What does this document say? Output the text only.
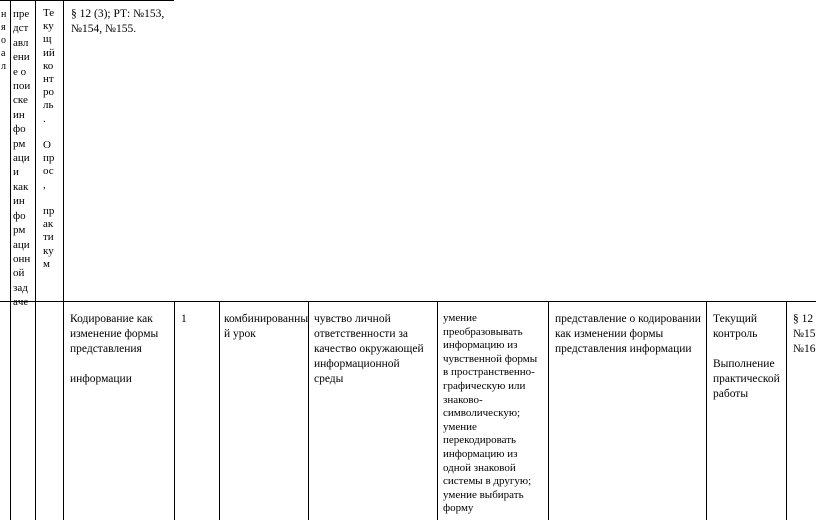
н
я
о
а
л
пре
дст
авл
ени
е о
пои
ске
ин
фо
рм
aци
и
как
ин
фо
рм
аци
онн
ой
зад
aче
Те
ку
щ
ий
ко
нт
ро
ль
.

О
пр
ос
,

пр
ак
ти
ку
м
§ 12 (3); РТ: №153,
№154, №155.
Кодирование как
изменение формы
представления

информации
1	комбинированны
й урок
чувство личной
ответственности за
качество окружающей
информационной
среды
умение
преобразовывать
информацию из
чувственной формы
в пространственно-
графическую или
знаково-
символическую;
умение
перекодировать
информацию из
одной знаковой
системы в другую;
умение выбирать
форму
представление о кодировании
как изменении формы
представления информации
Текущий
контроль

Выполнение
практической
работы
§ 12
№15
№16
